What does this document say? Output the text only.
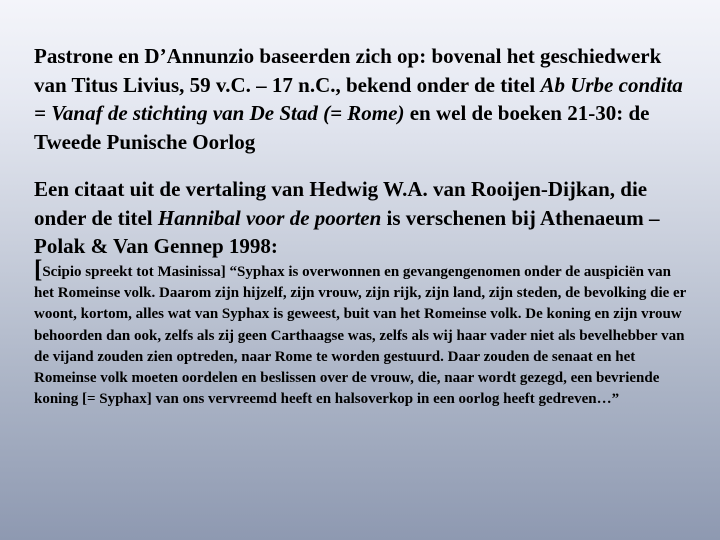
Pastrone en D’Annunzio baseerden zich op: bovenal het geschiedwerk van Titus Livius, 59 v.C. – 17 n.C., bekend onder de titel Ab Urbe condita = Vanaf de stichting van De Stad (= Rome) en wel de boeken 21-30: de Tweede Punische Oorlog

Een citaat uit de vertaling van Hedwig W.A. van Rooijen-Dijkan, die onder de titel Hannibal voor de poorten is verschenen bij Athenaeum – Polak & Van Gennep 1998:

[Scipio spreekt tot Masinissa] “Syphax is overwonnen en gevangengenomen onder de auspiciën van het Romeinse volk. Daarom zijn hijzelf, zijn vrouw, zijn rijk, zijn land, zijn steden, de bevolking die er woont, kortom, alles wat van Syphax is geweest, buit van het Romeinse volk. De koning en zijn vrouw behoorden dan ook, zelfs als zij geen Carthaagse was, zelfs als wij haar vader niet als bevelhebber van de vijand zouden zien optreden, naar Rome te worden gestuurd. Daar zouden de senaat en het Romeinse volk moeten oordelen en beslissen over de vrouw, die, naar wordt gezegd, een bevriende koning [= Syphax] van ons vervreemd heeft en halsoverkop in een oorlog heeft gedreven…”
